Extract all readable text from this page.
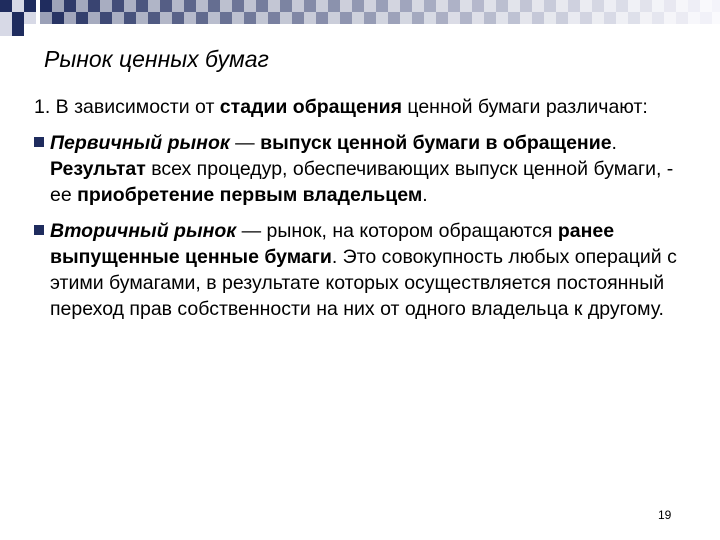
Рынок ценных бумаг

1. В зависимости от стадии обращения ценной бумаги различают:

Первичный рынок — выпуск ценной бумаги в обращение. Результат всех процедур, обеспечивающих выпуск ценной бумаги, - ее приобретение первым владельцем.
Вторичный рынок — рынок, на котором обращаются ранее выпущенные ценные бумаги. Это совокупность любых операций с этими бумагами, в результате которых осуществляется постоянный переход прав собственности на них от одного владельца к другому.
19
